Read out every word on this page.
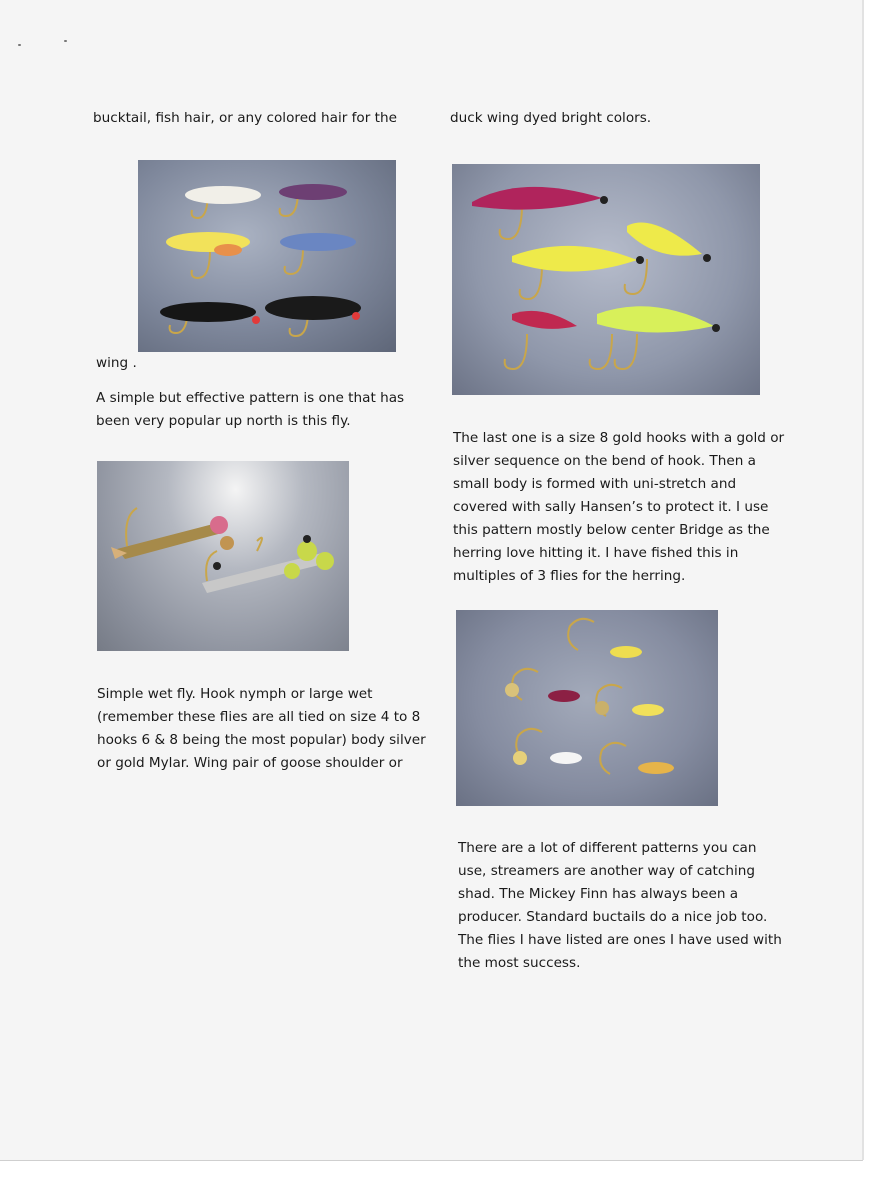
bucktail, fish hair, or any colored hair for the
wing .
A simple but effective pattern is one that has
been very popular up north is this fly.
Simple wet fly. Hook nymph or large wet
(remember these flies are all tied on size 4 to 8
hooks 6 & 8 being the most popular) body silver
or gold Mylar. Wing pair of goose shoulder or
duck wing dyed bright colors.
The last one is a size 8 gold hooks with a gold or
silver sequence on the bend of hook. Then a
small body is formed with uni-stretch and
covered with sally Hansen’s to protect it. I use
this pattern mostly below center Bridge as the
herring love hitting it. I have fished this in
multiples of 3 flies for the herring.
There are a lot of different patterns you can
use, streamers are another way of catching
shad. The Mickey Finn has always been a
producer. Standard buctails do a nice job too.
The flies I have listed are ones I have used with
the most success.
